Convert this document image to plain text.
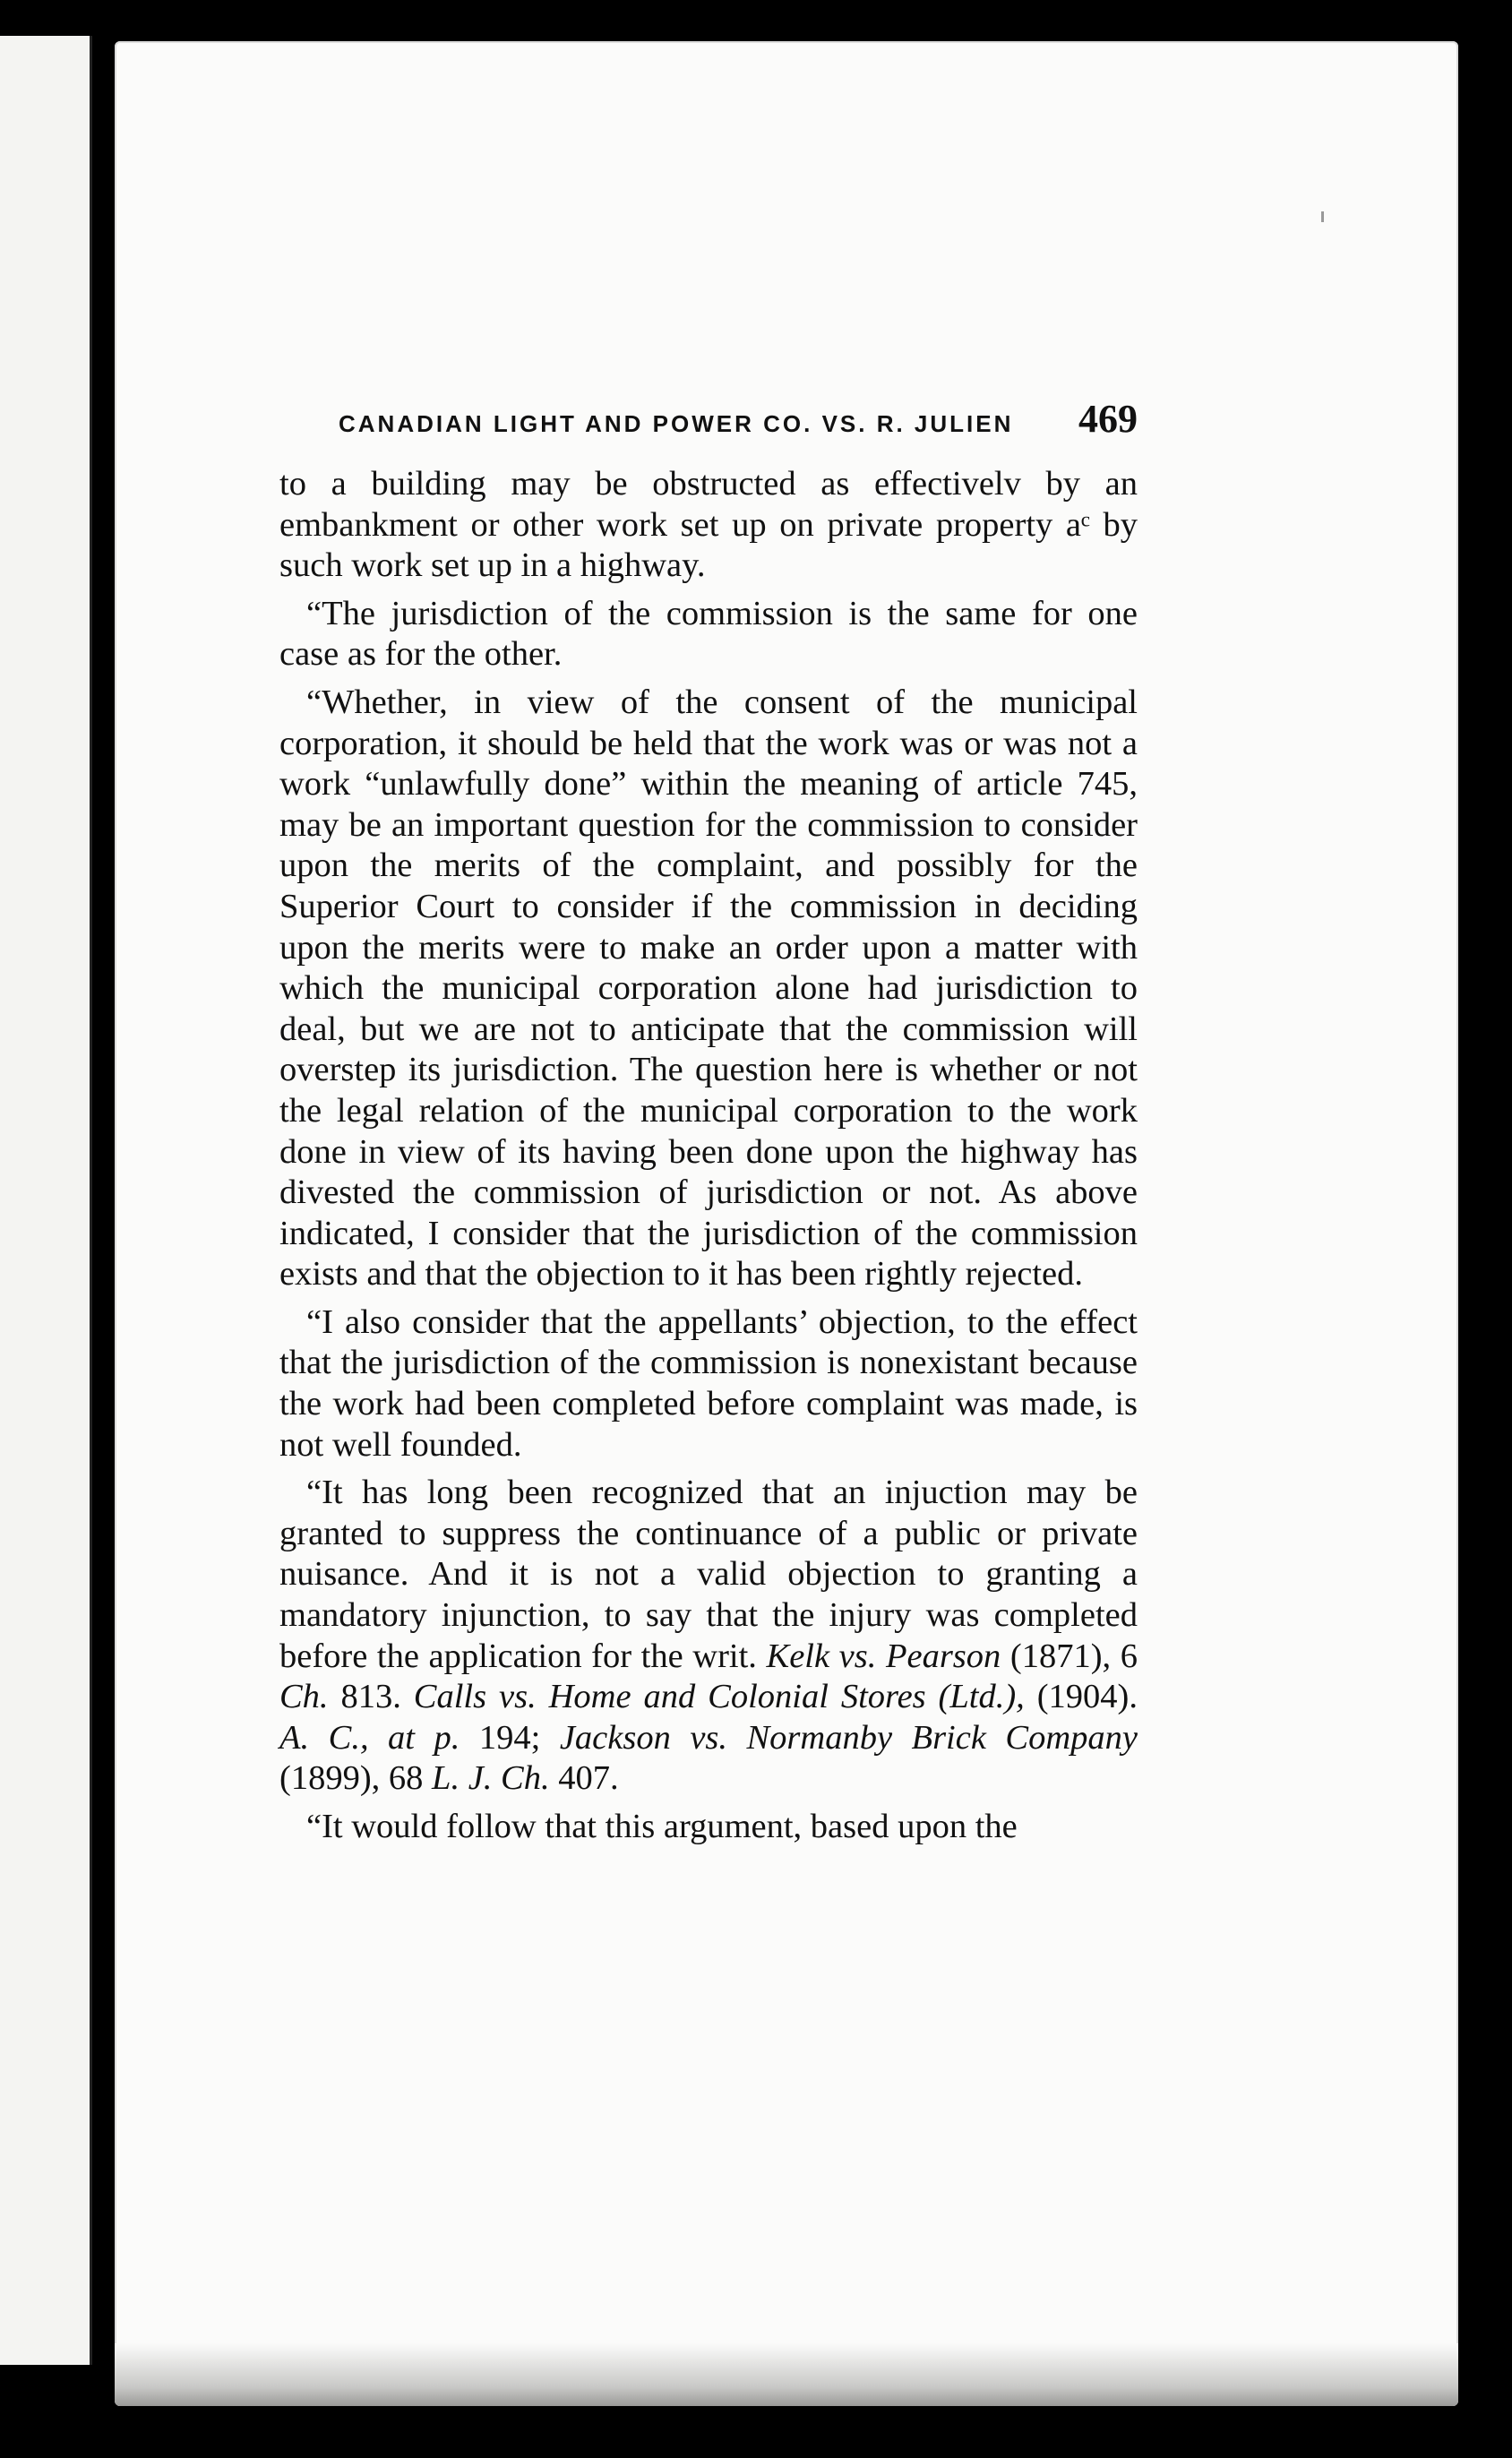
CANADIAN LIGHT AND POWER CO. VS. R. JULIEN 469

to a building may be obstructed as effectivelv by an embankment or other work set up on private property aᶜ by such work set up in a highway.

“The jurisdiction of the commission is the same for one case as for the other.

“Whether, in view of the consent of the municipal corporation, it should be held that the work was or was not a work “unlawfully done” within the meaning of article 745, may be an important question for the commission to consider upon the merits of the complaint, and possibly for the Superior Court to consider if the commission in deciding upon the merits were to make an order upon a matter with which the municipal corporation alone had jurisdiction to deal, but we are not to anticipate that the commission will overstep its jurisdiction. The question here is whether or not the legal relation of the municipal corporation to the work done in view of its having been done upon the highway has divested the commission of jurisdiction or not. As above indicated, I consider that the jurisdiction of the commission exists and that the objection to it has been rightly rejected.

“I also consider that the appellants’ objection, to the effect that the jurisdiction of the commission is nonexistant because the work had been completed before complaint was made, is not well founded.

“It has long been recognized that an injuction may be granted to suppress the continuance of a public or private nuisance. And it is not a valid objection to granting a mandatory injunction, to say that the injury was completed before the application for the writ. Kelk vs. Pearson (1871), 6 Ch. 813. Calls vs. Home and Colonial Stores (Ltd.), (1904). A. C., at p. 194; Jackson vs. Normanby Brick Company (1899), 68 L. J. Ch. 407.

“It would follow that this argument, based upon the
